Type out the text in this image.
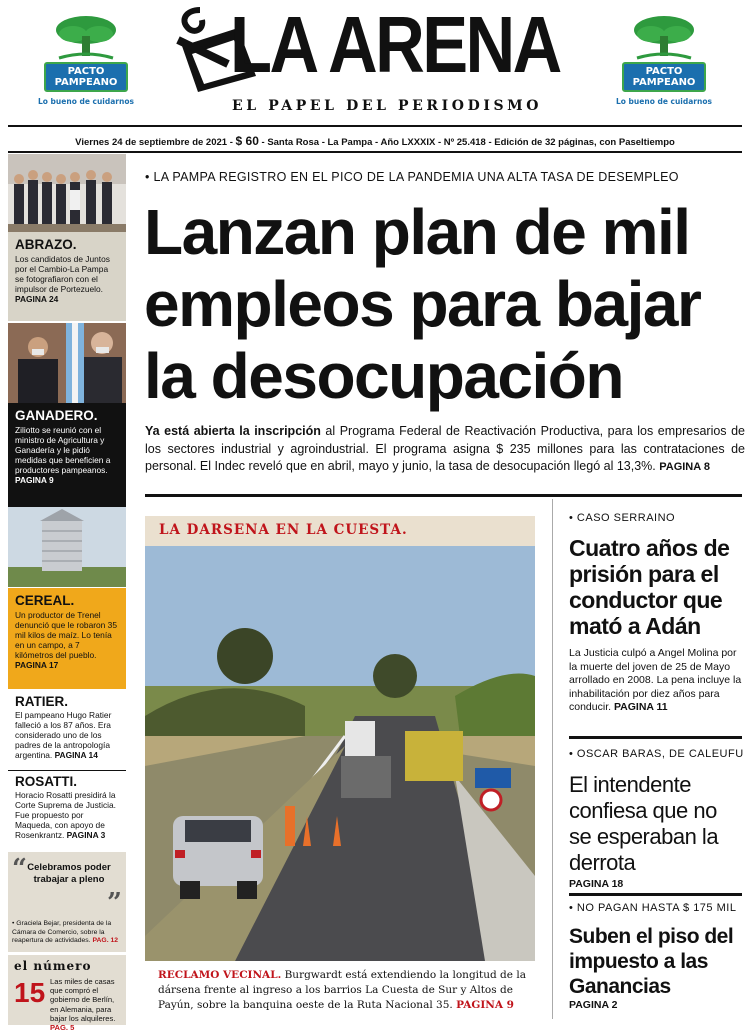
PACTO
PAMPEANO
Lo bueno de cuidarnos
PACTO
PAMPEANO
Lo bueno de cuidarnos
LA ARENA
EL PAPEL DEL PERIODISMO
Viernes 24 de septiembre de 2021 - $ 60 - Santa Rosa - La Pampa - Año LXXXIX - Nº 25.418 - Edición de 32 páginas, con Paseltiempo
ABRAZO.
Los candidatos de Juntos por el Cambio-La Pampa se fotografiaron con el impulsor de Portezuelo. PAGINA 24
GANADERO.
Ziliotto se reunió con el ministro de Agricultura y Ganadería y le pidió medidas que beneficien a productores pampeanos. PAGINA 9
CEREAL.
Un productor de Trenel denunció que le robaron 35 mil kilos de maíz. Lo tenía en un campo, a 7 kilómetros del pueblo. PAGINA 17
RATIER.
El pampeano Hugo Ratier falleció a los 87 años. Era considerado uno de los padres de la antropología argentina. PAGINA 14
ROSATTI.
Horacio Rosatti presidirá la Corte Suprema de Justicia. Fue propuesto por Maqueda, con apoyo de Rosenkrantz. PAGINA 3
“ Celebramos poder trabajar a pleno
”
• Graciela Bejar, presidenta de la Cámara de Comercio, sobre la reapertura de actividades. PAG. 12
el número
15 Las miles de casas que compró el gobierno de Berlín, en Alemania, para bajar los alquileres. PAG. 5
• LA PAMPA REGISTRO EN EL PICO DE LA PANDEMIA UNA ALTA TASA DE DESEMPLEO
Lanzan plan de mil
empleos para bajar
la desocupación
Ya está abierta la inscripción al Programa Federal de Reactivación Productiva, para los empresarios de los sectores industrial y agroindustrial. El programa asigna $ 235 millones para las contrataciones de personal. El Indec reveló que en abril, mayo y junio, la tasa de desocupación llegó al 13,3%. PAGINA 8
LA DARSENA EN LA CUESTA.
RECLAMO VECINAL. Burgwardt está extendiendo la longitud de la dársena frente al ingreso a los barrios La Cuesta de Sur y Altos de Payún, sobre la banquina oeste de la Ruta Nacional 35. PAGINA 9
• CASO SERRAINO
Cuatro años de prisión para el conductor que mató a Adán
La Justicia culpó a Angel Molina por la muerte del joven de 25 de Mayo arrollado en 2008. La pena incluye la inhabilitación por diez años para conducir. PAGINA 11
• OSCAR BARAS, DE CALEUFU
El intendente confiesa que no se esperaban la derrota
PAGINA 18
• NO PAGAN HASTA $ 175 MIL
Suben el piso del impuesto a las Ganancias
PAGINA 2
